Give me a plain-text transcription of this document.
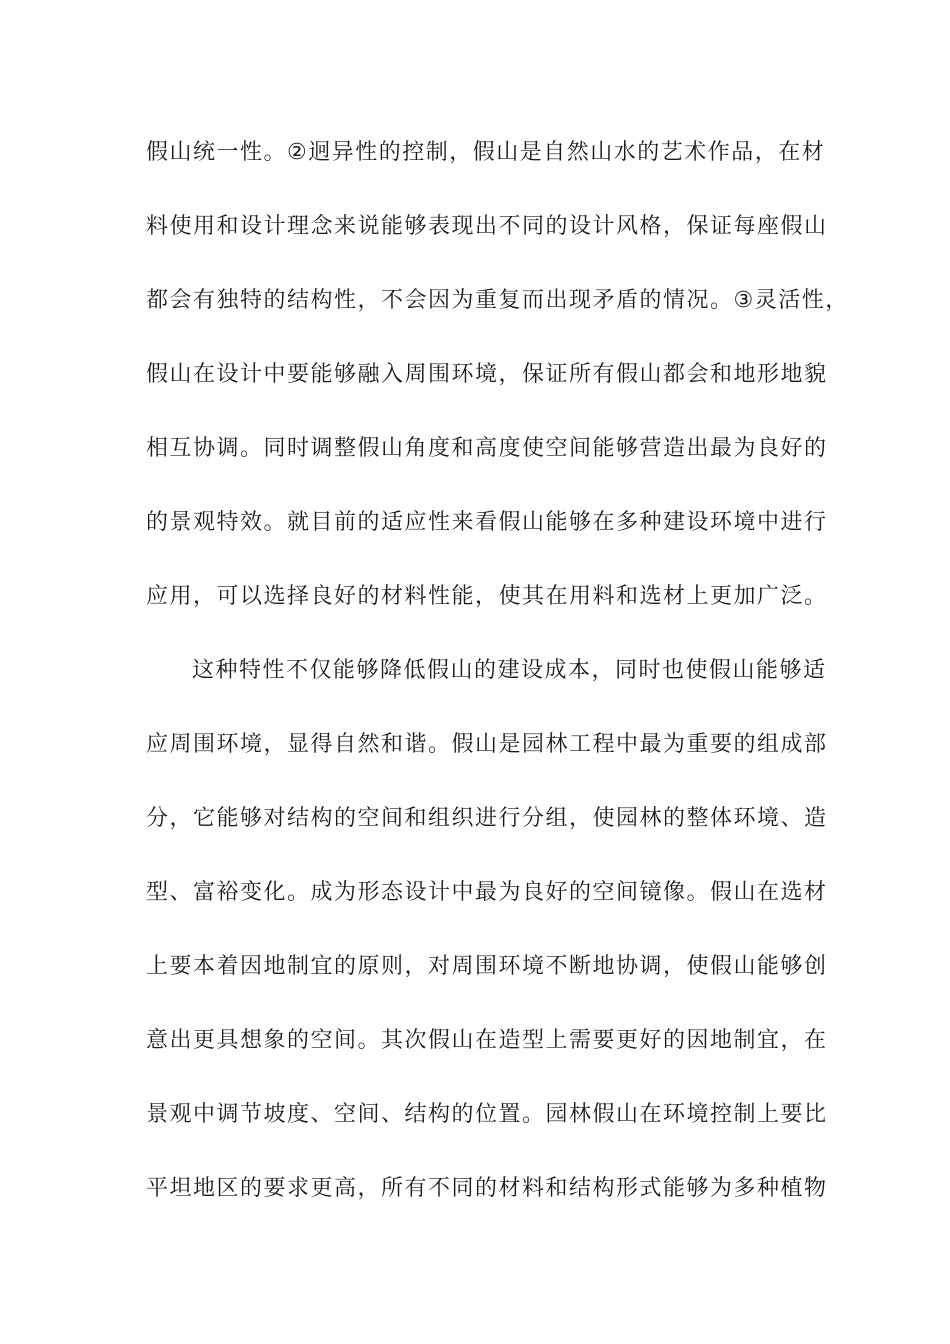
假山统一性。②迥异性的控制，假山是自然山水的艺术作品，在材
料使用和设计理念来说能够表现出不同的设计风格，保证每座假山
都会有独特的结构性，不会因为重复而出现矛盾的情况。③灵活性，
假山在设计中要能够融入周围环境，保证所有假山都会和地形地貌
相互协调。同时调整假山角度和高度使空间能够营造出最为良好的
的景观特效。就目前的适应性来看假山能够在多种建设环境中进行
应用，可以选择良好的材料性能，使其在用料和选材上更加广泛。
这种特性不仅能够降低假山的建设成本，同时也使假山能够适
应周围环境，显得自然和谐。假山是园林工程中最为重要的组成部
分，它能够对结构的空间和组织进行分组，使园林的整体环境、造
型、富裕变化。成为形态设计中最为良好的空间镜像。假山在选材
上要本着因地制宜的原则，对周围环境不断地协调，使假山能够创
意出更具想象的空间。其次假山在造型上需要更好的因地制宜，在
景观中调节坡度、空间、结构的位置。园林假山在环境控制上要比
平坦地区的要求更高，所有不同的材料和结构形式能够为多种植物
